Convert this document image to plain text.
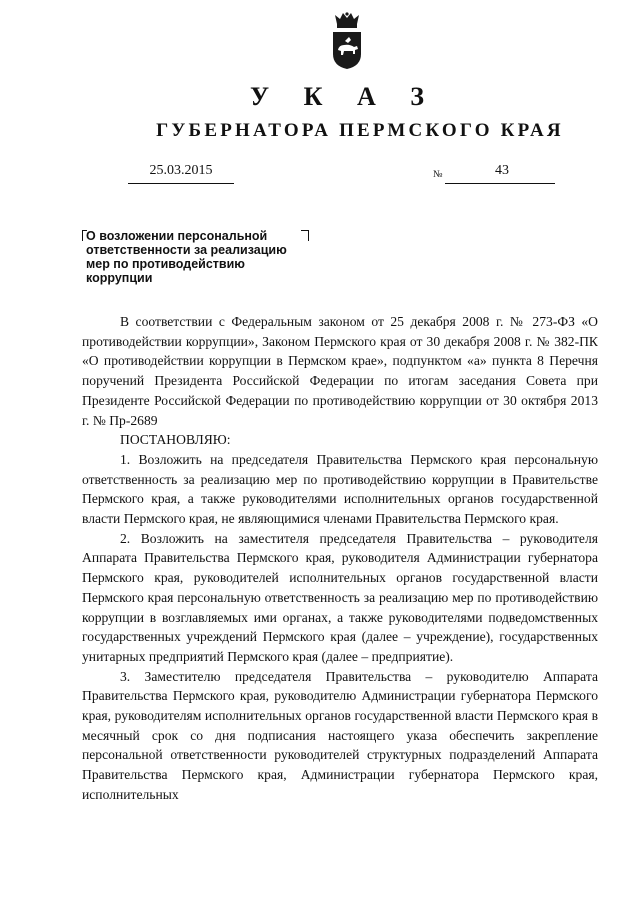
У К А З
ГУБЕРНАТОРА ПЕРМСКОГО КРАЯ
25.03.2015	№	43
О возложении персональной
ответственности за реализацию
мер по противодействию
коррупции

В соответствии с Федеральным законом от 25 декабря 2008 г. № 273-ФЗ «О противодействии коррупции», Законом Пермского края от 30 декабря 2008 г. № 382-ПК «О противодействии коррупции в Пермском крае», подпунктом «а» пункта 8 Перечня поручений Президента Российской Федерации по итогам заседания Совета при Президенте Российской Федерации по противодействию коррупции от 30 октября 2013 г. № Пр-2689

ПОСТАНОВЛЯЮ:

1. Возложить на председателя Правительства Пермского края персональную ответственность за реализацию мер по противодействию коррупции в Правительстве Пермского края, а также руководителями исполнительных органов государственной власти Пермского края, не являющимися членами Правительства Пермского края.

2. Возложить на заместителя председателя Правительства – руководителя Аппарата Правительства Пермского края, руководителя Администрации губернатора Пермского края, руководителей исполнительных органов государственной власти Пермского края персональную ответственность за реализацию мер по противодействию коррупции в возглавляемых ими органах, а также руководителями подведомственных государственных учреждений Пермского края (далее – учреждение), государственных унитарных предприятий Пермского края (далее – предприятие).

3. Заместителю председателя Правительства – руководителю Аппарата Правительства Пермского края, руководителю Администрации губернатора Пермского края, руководителям исполнительных органов государственной власти Пермского края в месячный срок со дня подписания настоящего указа обеспечить закрепление персональной ответственности руководителей структурных подразделений Аппарата Правительства Пермского края, Администрации губернатора Пермского края, исполнительных
